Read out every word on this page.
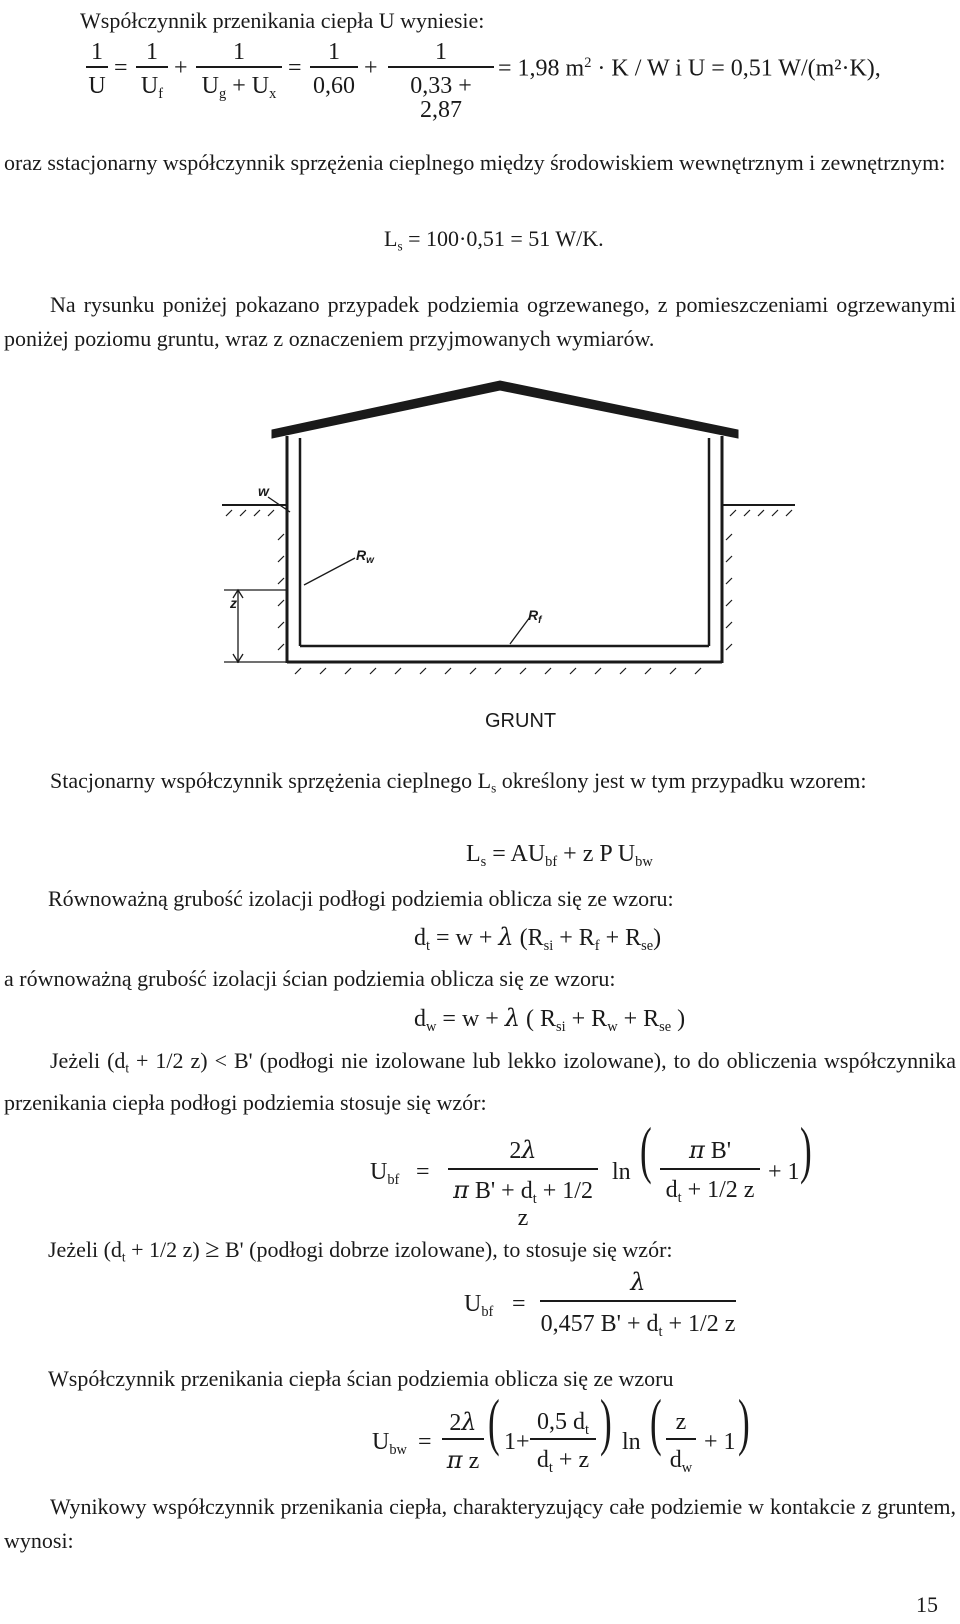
Współczynnik przenikania ciepła U wyniesie:
1
U
=
1
$U_f$
+
1
$U_g + U_x$
=
1
0,60
+
1
0,33 + 2,87
= 1,98 $m^2 \cdot K / W$ i U = 0,51 W/(m²·K),
oraz sstacjonarny współczynnik sprzężenia cieplnego między środowiskiem wewnętrznym i zewnętrznym:
$L_s = 100\cdot 0,51 = 51$ W/K.
Na rysunku poniżej pokazano przypadek podziemia ogrzewanego, z pomieszczeniami ogrzewanymi poniżej poziomu gruntu, wraz z oznaczeniem przyjmowanych wymiarów.
w
$R_w$
z
$R_f$
GRUNT
Stacjonarny współczynnik sprzężenia cieplnego $L_s$ określony jest w tym przypadku wzorem:
$L_s = AU_{bf} + z$ P $U_{bw}$
Równoważną grubość izolacji podłogi podziemia oblicza się ze wzoru:
$d_t = w + \lambda$ $(R_{si} + R_f + R_{se})$
a równoważną grubość izolacji ścian podziemia oblicza się ze wzoru:
$d_w = w + \lambda$ ( $R_{si} + R_w + R_{se}$ )
Jeżeli ($d_t + 1/2$ z) < B' (podłogi nie izolowane lub lekko izolowane), to do obliczenia współczynnika przenikania ciepła podłogi podziemia stosuje się wzór:
$U_{bf}$ =
2λ
π $B' + d_t + 1/2$ z
ln (	π B'
$d_t + 1/2$ z
+ 1 )
Jeżeli ($d_t + 1/2$ z) ≥ B' (podłogi dobrze izolowane), to stosuje się wzór:
$U_{bf}$ =
λ
0,457 $B' + d_t + 1/2$ z
Współczynnik przenikania ciepła ścian podziemia oblicza się ze wzoru
$U_{bw}$ =
2λ
π z
( 1+
0,5 $d_t$
$d_t + z$
) ln ( z
$d_w$
+ 1 )
Wynikowy współczynnik przenikania ciepła, charakteryzujący całe podziemie w kontakcie z gruntem, wynosi:
15
